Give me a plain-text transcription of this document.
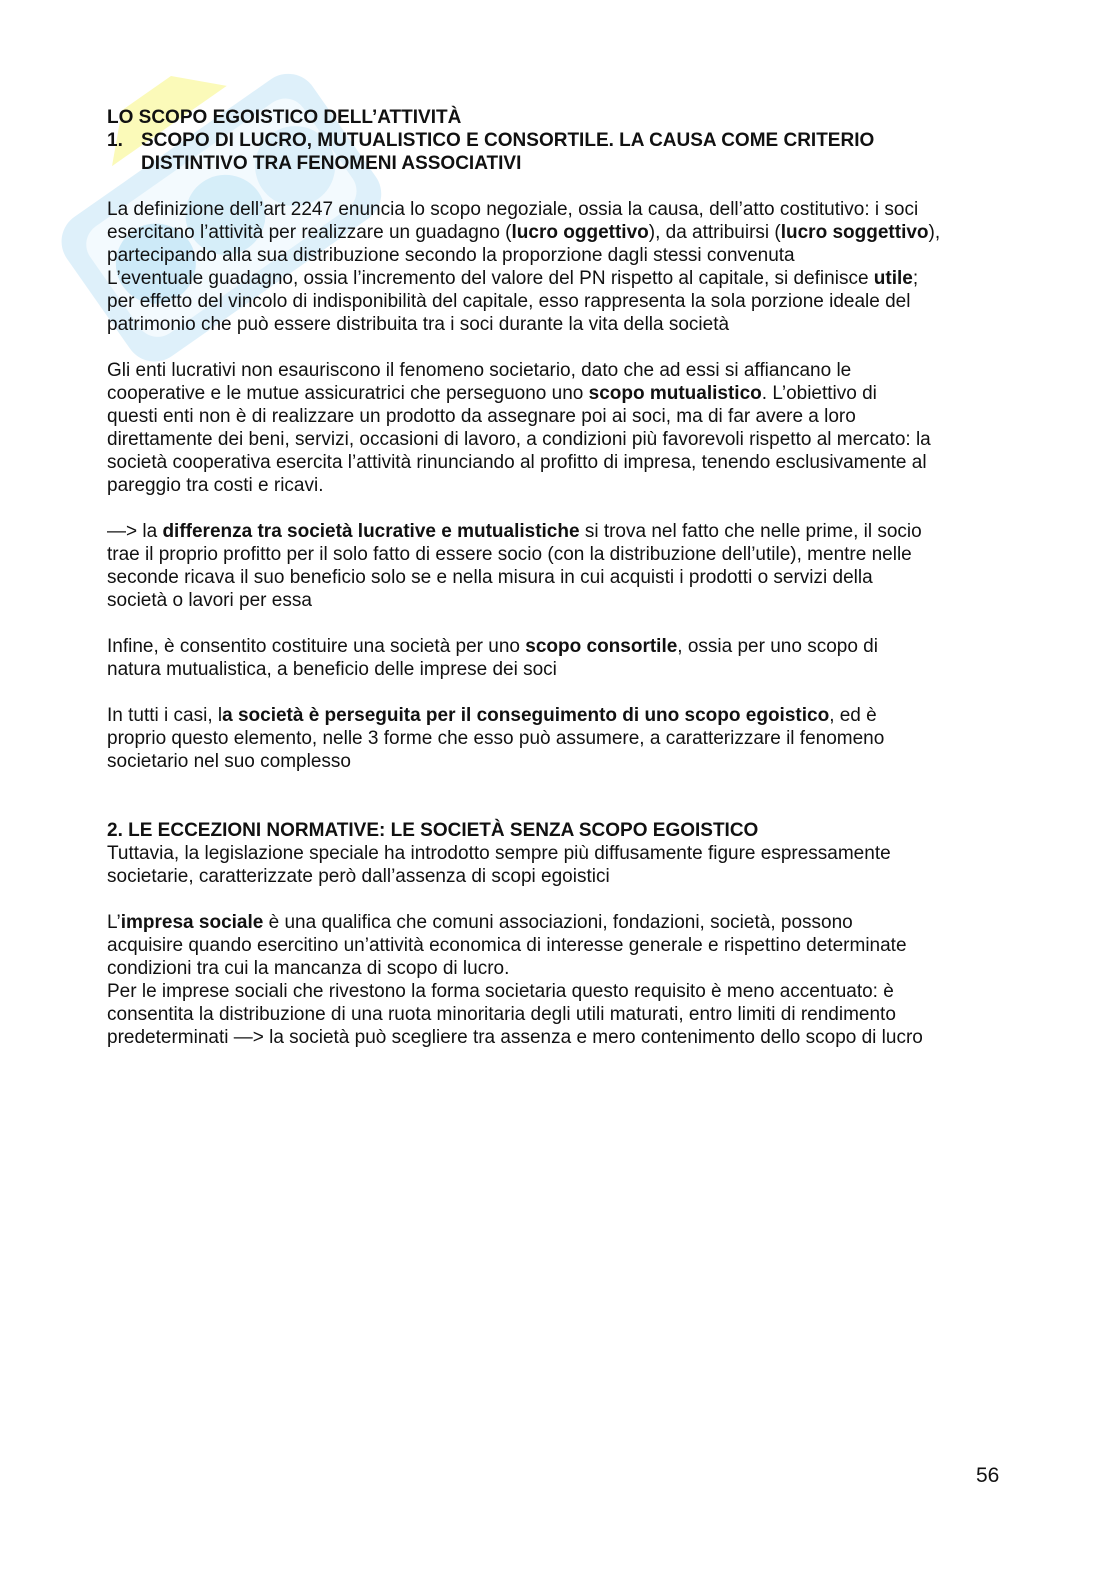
LO SCOPO EGOISTICO DELL’ATTIVITÀ

1. SCOPO DI LUCRO, MUTUALISTICO E CONSORTILE. LA CAUSA COME CRITERIO
DISTINTIVO TRA FENOMENI ASSOCIATIVI

La definizione dell’art 2247 enuncia lo scopo negoziale, ossia la causa, dell’atto costitutivo: i soci

esercitano l’attività per realizzare un guadagno (lucro oggettivo), da attribuirsi (lucro soggettivo),

partecipando alla sua distribuzione secondo la proporzione dagli stessi convenuta

L’eventuale guadagno, ossia l’incremento del valore del PN rispetto al capitale, si definisce utile;

per effetto del vincolo di indisponibilità del capitale, esso rappresenta la sola porzione ideale del

patrimonio che può essere distribuita tra i soci durante la vita della società

Gli enti lucrativi non esauriscono il fenomeno societario, dato che ad essi si affiancano le

cooperative e le mutue assicuratrici che perseguono uno scopo mutualistico. L’obiettivo di

questi enti non è di realizzare un prodotto da assegnare poi ai soci, ma di far avere a loro

direttamente dei beni, servizi, occasioni di lavoro, a condizioni più favorevoli rispetto al mercato: la

società cooperativa esercita l’attività rinunciando al profitto di impresa, tenendo esclusivamente al

pareggio tra costi e ricavi.

—> la differenza tra società lucrative e mutualistiche si trova nel fatto che nelle prime, il socio

trae il proprio profitto per il solo fatto di essere socio (con la distribuzione dell’utile), mentre nelle

seconde ricava il suo beneficio solo se e nella misura in cui acquisti i prodotti o servizi della

società o lavori per essa

Infine, è consentito costituire una società per uno scopo consortile, ossia per uno scopo di

natura mutualistica, a beneficio delle imprese dei soci

In tutti i casi, la società è perseguita per il conseguimento di uno scopo egoistico, ed è

proprio questo elemento, nelle 3 forme che esso può assumere, a caratterizzare il fenomeno

societario nel suo complesso

2. LE ECCEZIONI NORMATIVE: LE SOCIETÀ SENZA SCOPO EGOISTICO

Tuttavia, la legislazione speciale ha introdotto sempre più diffusamente figure espressamente

societarie, caratterizzate però dall’assenza di scopi egoistici

L’impresa sociale è una qualifica che comuni associazioni, fondazioni, società, possono

acquisire quando esercitino un’attività economica di interesse generale e rispettino determinate

condizioni tra cui la mancanza di scopo di lucro.

Per le imprese sociali che rivestono la forma societaria questo requisito è meno accentuato: è

consentita la distribuzione di una ruota minoritaria degli utili maturati, entro limiti di rendimento

predeterminati —> la società può scegliere tra assenza e mero contenimento dello scopo di lucro

56
